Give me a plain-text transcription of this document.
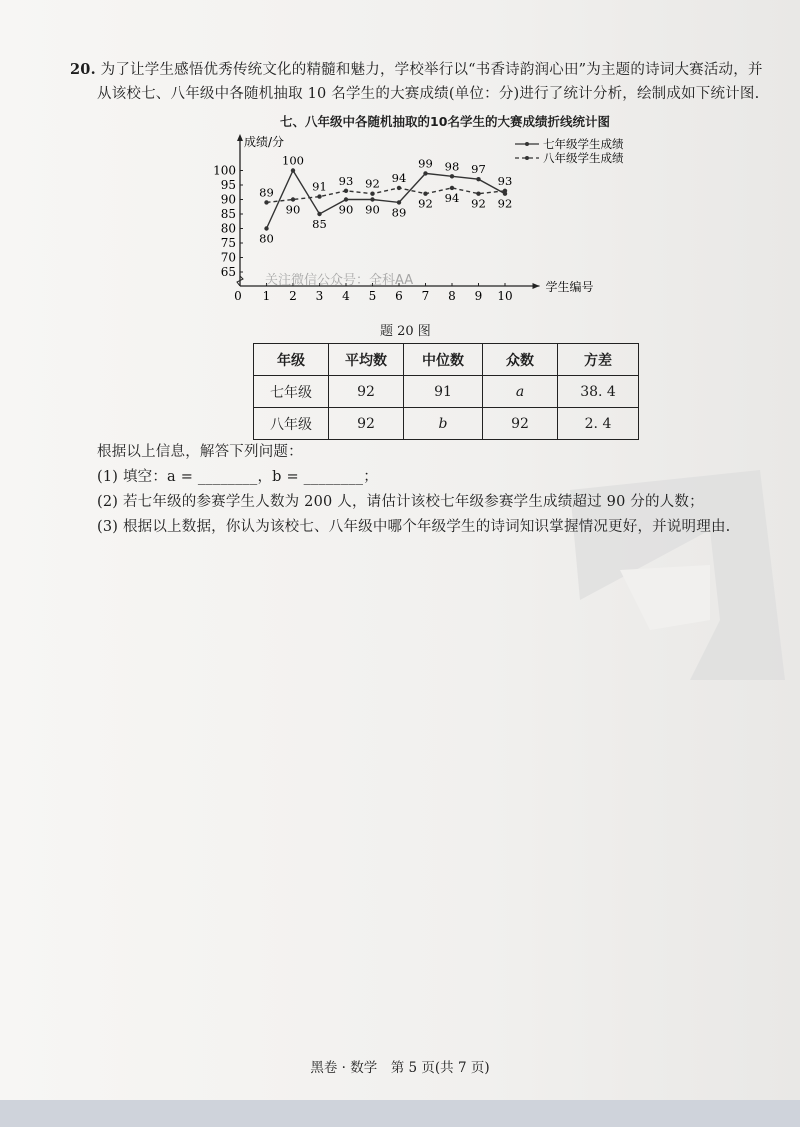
20. 为了让学生感悟优秀传统文化的精髓和魅力，学校举行以“书香诗韵润心田”为主题的诗词大赛活动，并
从该校七、八年级中各随机抽取 10 名学生的大赛成绩(单位：分)进行了统计分析，绘制成如下统计图.
七、八年级中各随机抽取的10名学生的大赛成绩折线统计图
成绩/分
学生编号
65
70
75
80
85
90
95
100
0 1 2 3 4 5 6 7 8 9 10
80
100
85
90 90 89
99 98 97
92
89
90
91 93 92 94
92 94 92
93
七年级学生成绩
八年级学生成绩
关注微信公众号：全科AA
题 20 图
年级	平均数	中位数	众数	方差
七年级	92	91	a	38. 4
八年级	92	b	92	2. 4
根据以上信息，解答下列问题：
(1) 填空：a = ________，b = ________；
(2) 若七年级的参赛学生人数为 200 人，请估计该校七年级参赛学生成绩超过 90 分的人数；
(3) 根据以上数据，你认为该校七、八年级中哪个年级学生的诗词知识掌握情况更好，并说明理由.
黑卷 · 数学　第 5 页(共 7 页)
